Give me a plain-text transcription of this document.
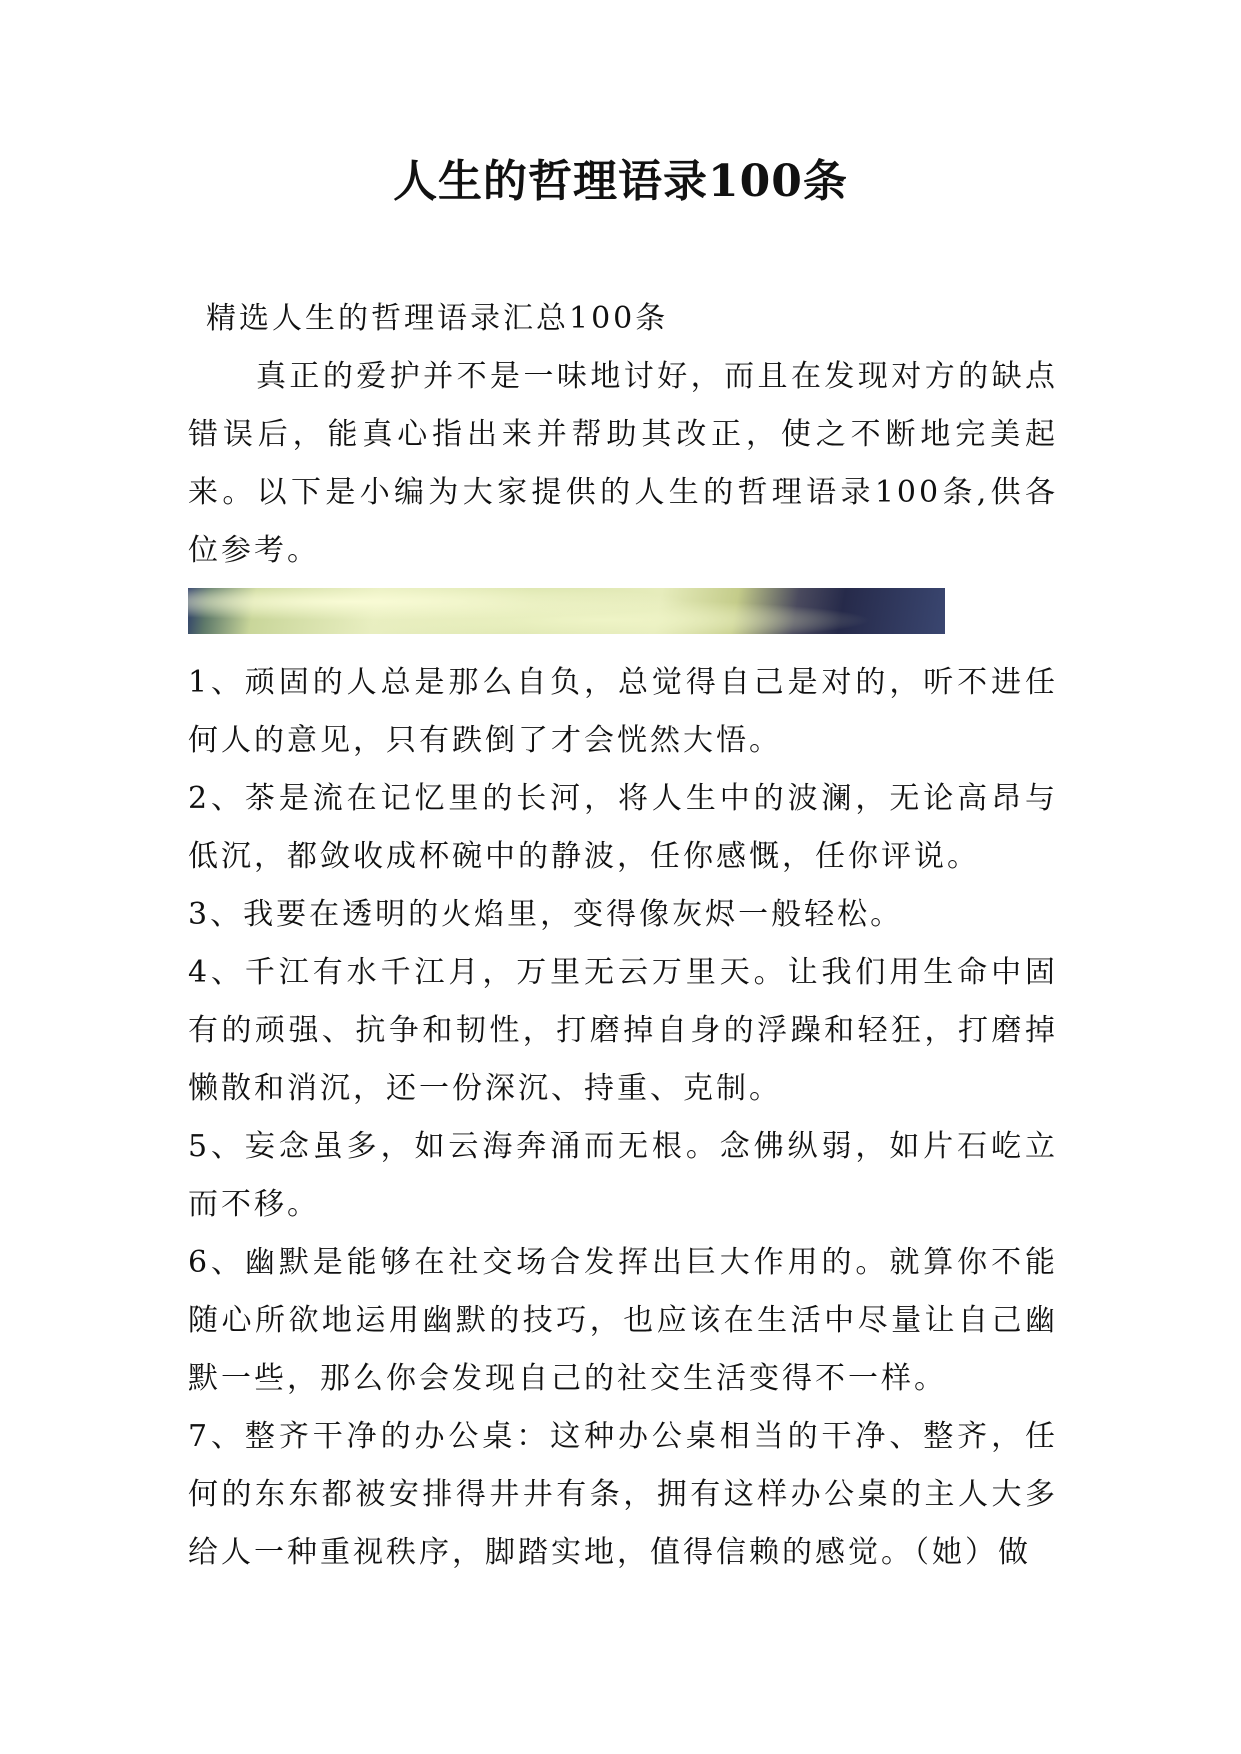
人生的哲理语录100条

精选人生的哲理语录汇总100条

真正的爱护并不是一味地讨好，而且在发现对方的缺点错误后，能真心指出来并帮助其改正，使之不断地完美起来。以下是小编为大家提供的人生的哲理语录100条,供各位参考。

1、顽固的人总是那么自负，总觉得自己是对的，听不进任何人的意见，只有跌倒了才会恍然大悟。

2、茶是流在记忆里的长河，将人生中的波澜，无论高昂与低沉，都敛收成杯碗中的静波，任你感慨，任你评说。

3、我要在透明的火焰里，变得像灰烬一般轻松。

4、千江有水千江月，万里无云万里天。让我们用生命中固有的顽强、抗争和韧性，打磨掉自身的浮躁和轻狂，打磨掉懒散和消沉，还一份深沉、持重、克制。

5、妄念虽多，如云海奔涌而无根。念佛纵弱，如片石屹立而不移。

6、幽默是能够在社交场合发挥出巨大作用的。就算你不能随心所欲地运用幽默的技巧，也应该在生活中尽量让自己幽默一些，那么你会发现自己的社交生活变得不一样。

7、整齐干净的办公桌：这种办公桌相当的干净、整齐，任何的东东都被安排得井井有条，拥有这样办公桌的主人大多给人一种重视秩序，脚踏实地，值得信赖的感觉。（她）做
